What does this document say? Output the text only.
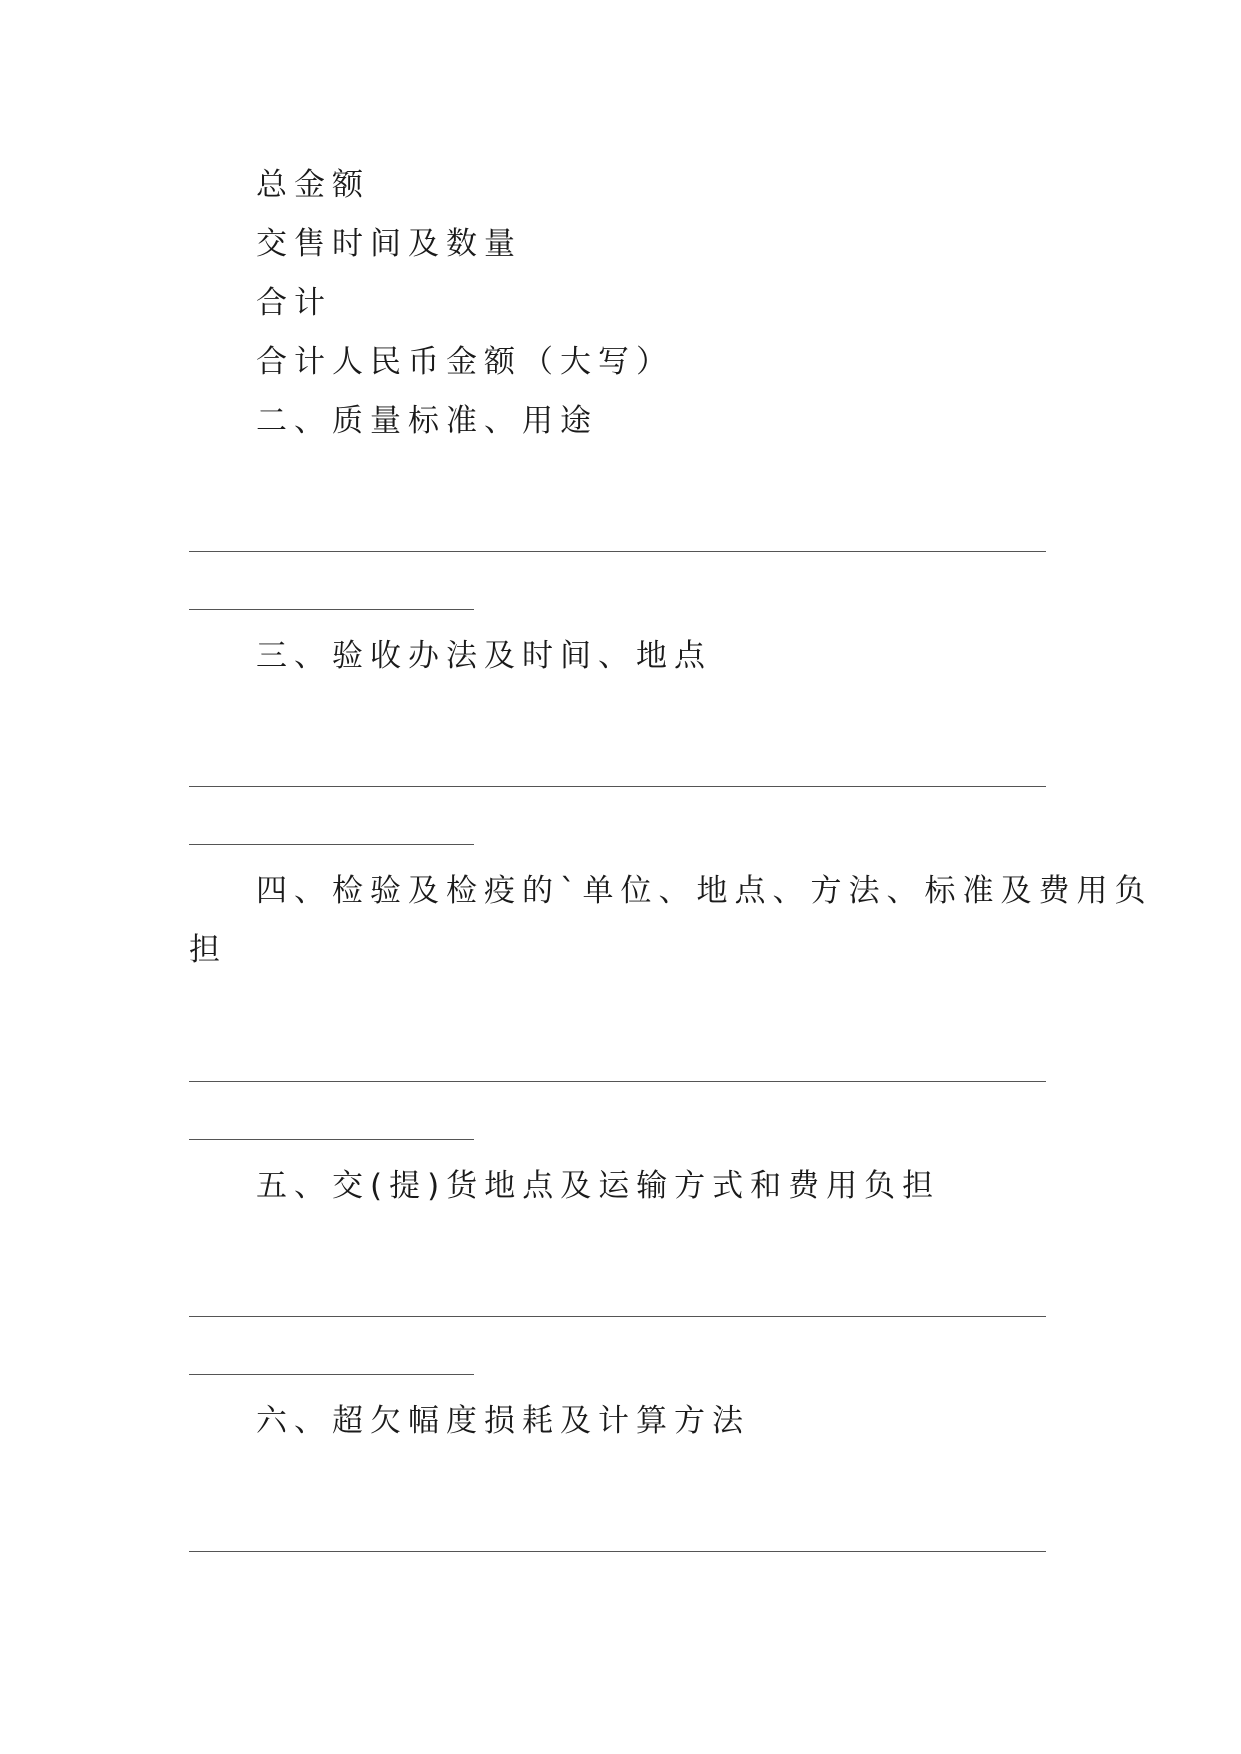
总金额
交售时间及数量
合计
合计人民币金额（大写）
二、质量标准、用途
三、验收办法及时间、地点
四、检验及检疫的`单位、地点、方法、标准及费用负
担
五、交(提)货地点及运输方式和费用负担
六、超欠幅度损耗及计算方法
